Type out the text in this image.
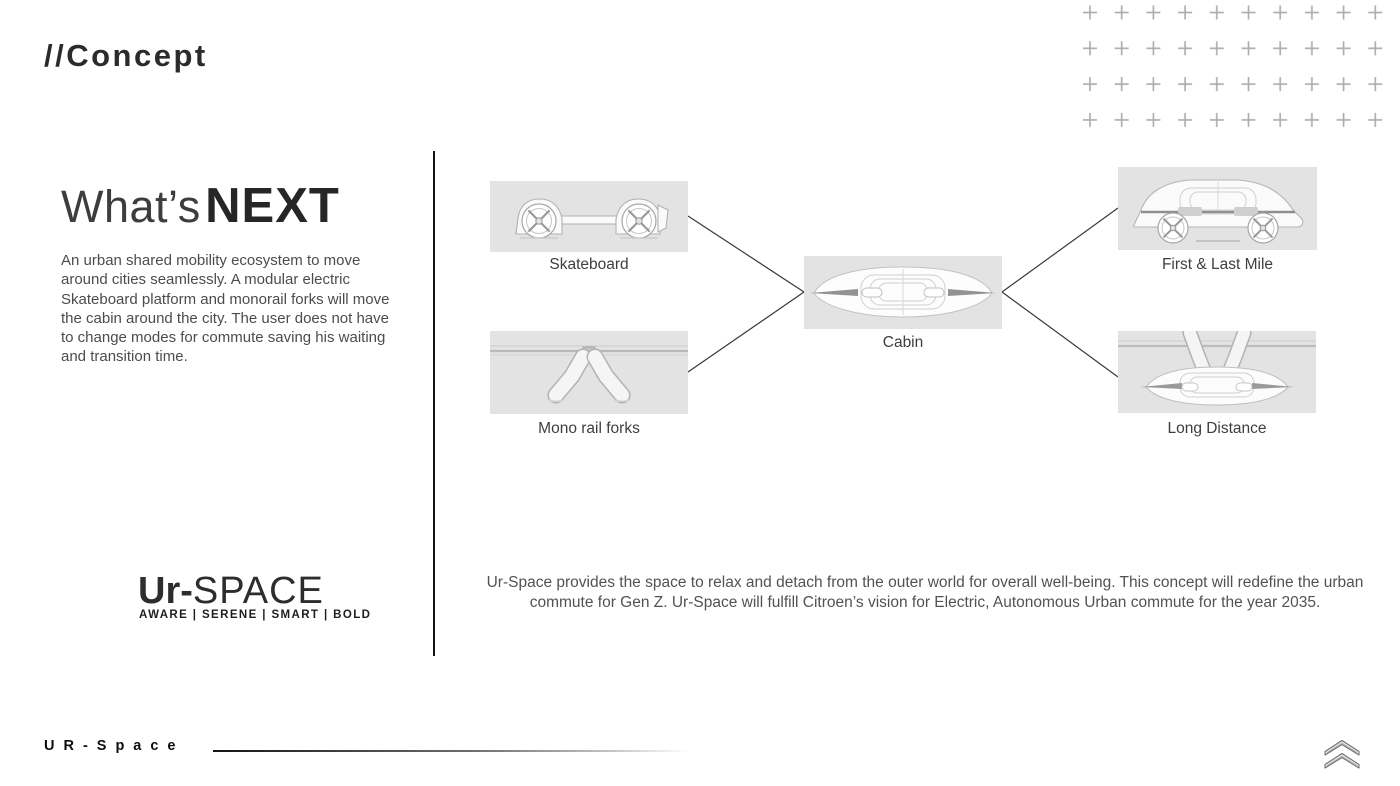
//Concept
What’s NEXT
An urban shared mobility ecosystem to move around cities seamlessly. A modular electric Skateboard platform and monorail forks will move the cabin around the city. The user does not have to change modes for commute saving his waiting and transition time.
Ur-SPACE
AWARE | SERENE | SMART | BOLD
Skateboard
Mono rail forks
Cabin
First & Last Mile
Long Distance
Ur-Space provides the space to relax and detach from the outer world for overall well-being. This concept will redefine the urban commute for Gen Z. Ur-Space will fulfill Citroen’s vision for Electric, Autonomous Urban commute for the year 2035.
UR-Space
